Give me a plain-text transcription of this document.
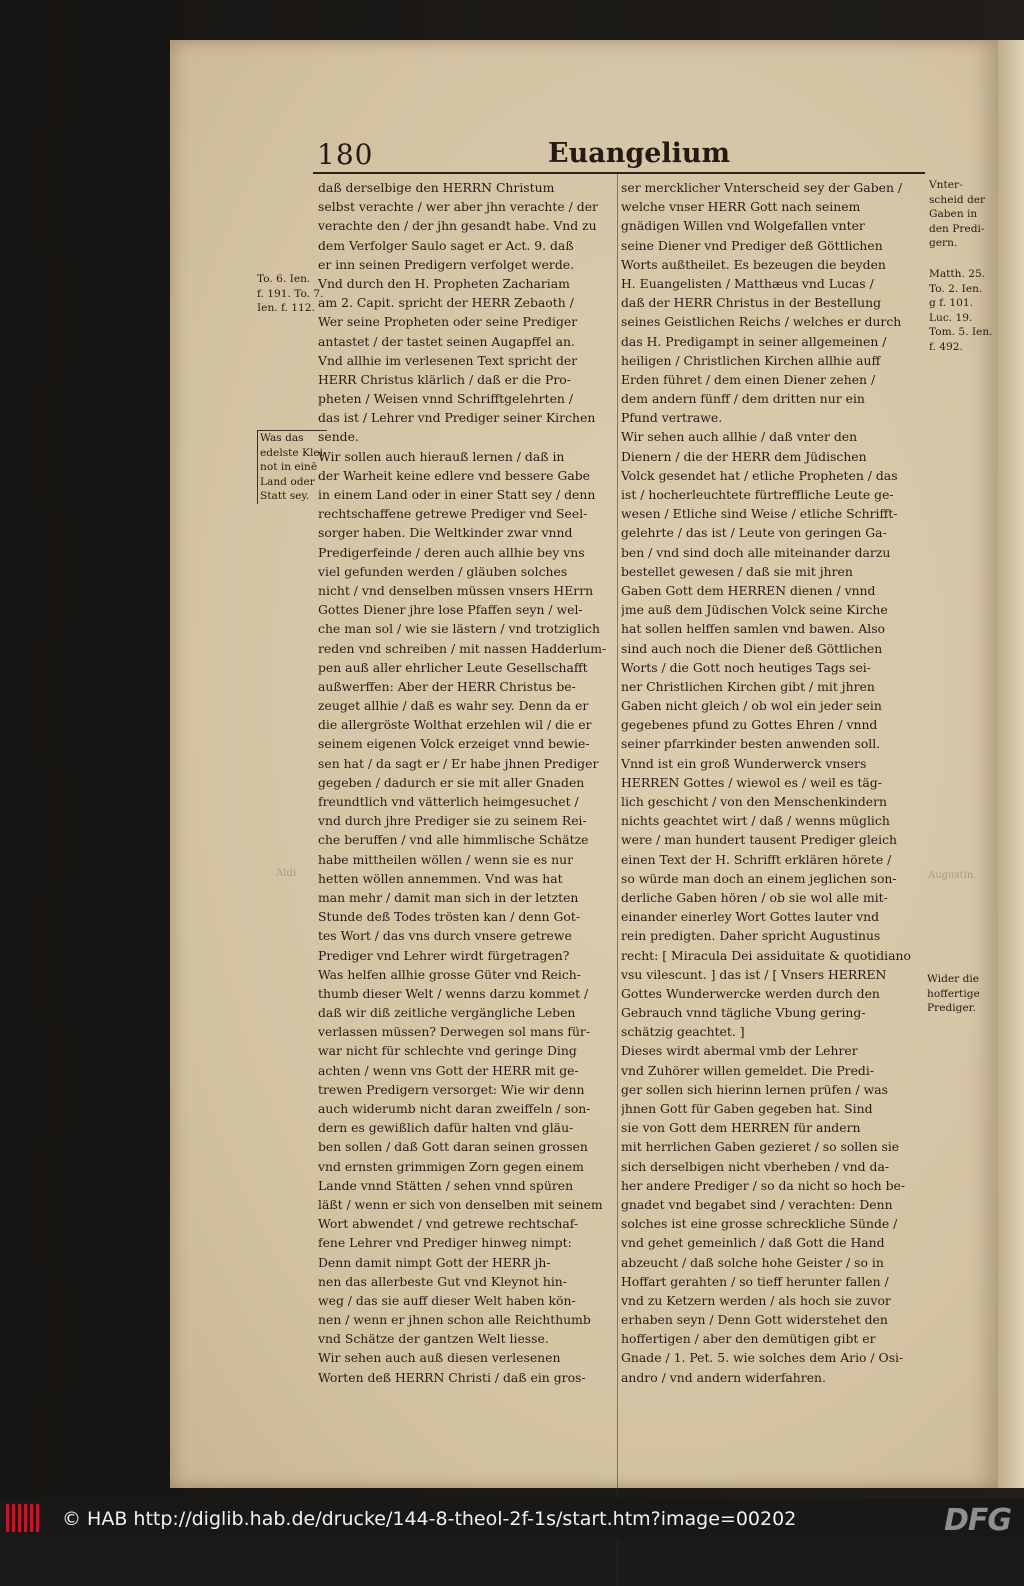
180	Euangelium
daß derselbige den HERRN Christum
selbst verachte / wer aber jhn verachte / der
verachte den / der jhn gesandt habe. Vnd zu
dem Verfolger Saulo saget er Act. 9. daß
er inn seinen Predigern verfolget werde.
Vnd durch den H. Propheten Zachariam
am 2. Capit. spricht der HERR Zebaoth /
Wer seine Propheten oder seine Prediger
antastet / der tastet seinen Augapffel an.
Vnd allhie im verlesenen Text spricht der
HERR Christus klärlich / daß er die Pro-
pheten / Weisen vnnd Schrifftgelehrten /
das ist / Lehrer vnd Prediger seiner Kirchen
sende.
Wir sollen auch hierauß lernen / daß in
der Warheit keine edlere vnd bessere Gabe
in einem Land oder in einer Statt sey / denn
rechtschaffene getrewe Prediger vnd Seel-
sorger haben. Die Weltkinder zwar vnnd
Predigerfeinde / deren auch allhie bey vns
viel gefunden werden / gläuben solches
nicht / vnd denselben müssen vnsers HErrn
Gottes Diener jhre lose Pfaffen seyn / wel-
che man sol / wie sie lästern / vnd trotziglich
reden vnd schreiben / mit nassen Hadderlum-
pen auß aller ehrlicher Leute Gesellschafft
außwerffen: Aber der HERR Christus be-
zeuget allhie / daß es wahr sey. Denn da er
die allergröste Wolthat erzehlen wil / die er
seinem eigenen Volck erzeiget vnnd bewie-
sen hat / da sagt er / Er habe jhnen Prediger
gegeben / dadurch er sie mit aller Gnaden
freundtlich vnd vätterlich heimgesuchet /
vnd durch jhre Prediger sie zu seinem Rei-
che beruffen / vnd alle himmlische Schätze
habe mittheilen wöllen / wenn sie es nur
hetten wöllen annemmen. Vnd was hat
man mehr / damit man sich in der letzten
Stunde deß Todes trösten kan / denn Got-
tes Wort / das vns durch vnsere getrewe
Prediger vnd Lehrer wirdt fürgetragen?
Was helfen allhie grosse Güter vnd Reich-
thumb dieser Welt / wenns darzu kommet /
daß wir diß zeitliche vergängliche Leben
verlassen müssen? Derwegen sol mans für-
war nicht für schlechte vnd geringe Ding
achten / wenn vns Gott der HERR mit ge-
trewen Predigern versorget: Wie wir denn
auch widerumb nicht daran zweiffeln / son-
dern es gewißlich dafür halten vnd gläu-
ben sollen / daß Gott daran seinen grossen
vnd ernsten grimmigen Zorn gegen einem
Lande vnnd Stätten / sehen vnnd spüren
läßt / wenn er sich von denselben mit seinem
Wort abwendet / vnd getrewe rechtschaf-
fene Lehrer vnd Prediger hinweg nimpt:
Denn damit nimpt Gott der HERR jh-
nen das allerbeste Gut vnd Kleynot hin-
weg / das sie auff dieser Welt haben kön-
nen / wenn er jhnen schon alle Reichthumb
vnd Schätze der gantzen Welt liesse.
Wir sehen auch auß diesen verlesenen
Worten deß HERRN Christi / daß ein gros-
ser mercklicher Vnterscheid sey der Gaben /
welche vnser HERR Gott nach seinem
gnädigen Willen vnd Wolgefallen vnter
seine Diener vnd Prediger deß Göttlichen
Worts außtheilet. Es bezeugen die beyden
H. Euangelisten / Matthæus vnd Lucas /
daß der HERR Christus in der Bestellung
seines Geistlichen Reichs / welches er durch
das H. Predigampt in seiner allgemeinen /
heiligen / Christlichen Kirchen allhie auff
Erden führet / dem einen Diener zehen /
dem andern fünff / dem dritten nur ein
Pfund vertrawe.
Wir sehen auch allhie / daß vnter den
Dienern / die der HERR dem Jüdischen
Volck gesendet hat / etliche Propheten / das
ist / hocherleuchtete fürtreffliche Leute ge-
wesen / Etliche sind Weise / etliche Schrifft-
gelehrte / das ist / Leute von geringen Ga-
ben / vnd sind doch alle miteinander darzu
bestellet gewesen / daß sie mit jhren
Gaben Gott dem HERREN dienen / vnnd
jme auß dem Jüdischen Volck seine Kirche
hat sollen helffen samlen vnd bawen. Also
sind auch noch die Diener deß Göttlichen
Worts / die Gott noch heutiges Tags sei-
ner Christlichen Kirchen gibt / mit jhren
Gaben nicht gleich / ob wol ein jeder sein
gegebenes pfund zu Gottes Ehren / vnnd
seiner pfarrkinder besten anwenden soll.
Vnnd ist ein groß Wunderwerck vnsers
HERREN Gottes / wiewol es / weil es täg-
lich geschicht / von den Menschenkindern
nichts geachtet wirt / daß / wenns müglich
were / man hundert tausent Prediger gleich
einen Text der H. Schrifft erklären hörete /
so würde man doch an einem jeglichen son-
derliche Gaben hören / ob sie wol alle mit-
einander einerley Wort Gottes lauter vnd
rein predigten. Daher spricht Augustinus
recht: [ Miracula Dei assiduitate & quotidiano
vsu vilescunt. ] das ist / [ Vnsers HERREN
Gottes Wunderwercke werden durch den
Gebrauch vnnd tägliche Vbung gering-
schätzig geachtet. ]
Dieses wirdt abermal vmb der Lehrer
vnd Zuhörer willen gemeldet. Die Predi-
ger sollen sich hierinn lernen prüfen / was
jhnen Gott für Gaben gegeben hat. Sind
sie von Gott dem HERREN für andern
mit herrlichen Gaben gezieret / so sollen sie
sich derselbigen nicht vberheben / vnd da-
her andere Prediger / so da nicht so hoch be-
gnadet vnd begabet sind / verachten: Denn
solches ist eine grosse schreckliche Sünde /
vnd gehet gemeinlich / daß Gott die Hand
abzeucht / daß solche hohe Geister / so in
Hoffart gerahten / so tieff herunter fallen /
vnd zu Ketzern werden / als hoch sie zuvor
erhaben seyn / Denn Gott widerstehet den
hoffertigen / aber den demütigen gibt er
Gnade / 1. Pet. 5. wie solches dem Ario / Osi-
andro / vnd andern widerfahren.
To. 6. Ien.
f. 191. To. 7.
Ien. f. 112.
Was das
edelste Klei-
not in einē
Land oder
Statt sey.
Vnter-
scheid der
Gaben in
den Predi-
gern.
Matth. 25.
To. 2. Ien.
g f. 101.
Luc. 19.
Tom. 5. Ien.
f. 492.
Wider die
hoffertige
Prediger.
Aldi	Augustin.
© HAB http://diglib.hab.de/drucke/144-8-theol-2f-1s/start.htm?image=00202	DFG
